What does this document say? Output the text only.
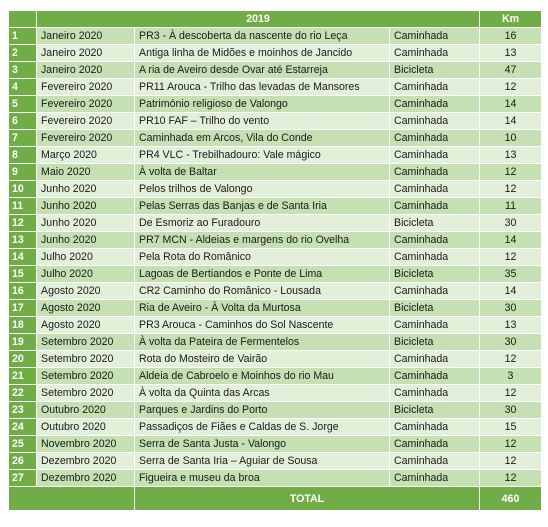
	2019			Km
1	Janeiro 2020	PR3 - À descoberta da nascente do rio Leça	Caminhada	16
2	Janeiro 2020	Antiga linha de Midões e moinhos de Jancido	Caminhada	13
3	Janeiro 2020	A ria de Aveiro desde Ovar até Estarreja	Bicicleta	47
4	Fevereiro 2020	PR11 Arouca - Trilho das levadas de Mansores	Caminhada	12
5	Fevereiro 2020	Património religioso de Valongo	Caminhada	14
6	Fevereiro 2020	PR10 FAF – Trilho do vento	Caminhada	14
7	Fevereiro 2020	Caminhada em Arcos, Vila do Conde	Caminhada	10
8	Março 2020	PR4 VLC - Trebilhadouro: Vale mágico	Caminhada	13
9	Maio 2020	À volta de Baltar	Caminhada	12
10	Junho 2020	Pelos trilhos de Valongo	Caminhada	12
11	Junho 2020	Pelas Serras das Banjas e de Santa Iria	Caminhada	11
12	Junho 2020	De Esmoriz ao Furadouro	Bicicleta	30
13	Junho 2020	PR7 MCN - Aldeias e margens do rio Ovelha	Caminhada	14
14	Julho 2020	Pela Rota do Românico	Caminhada	12
15	Julho 2020	Lagoas de Bertiandos e Ponte de Lima	Bicicleta	35
16	Agosto 2020	CR2 Caminho do Românico - Lousada	Caminhada	14
17	Agosto 2020	Ria de Aveiro - À Volta da Murtosa	Bicicleta	30
18	Agosto 2020	PR3 Arouca - Caminhos do Sol Nascente	Caminhada	13
19	Setembro 2020	À volta da Pateira de Fermentelos	Bicicleta	30
20	Setembro 2020	Rota do Mosteiro de Vairão	Caminhada	12
21	Setembro 2020	Aldeia de Cabroelo e Moinhos do rio Mau	Caminhada	3
22	Setembro 2020	À volta da Quinta das Arcas	Caminhada	12
23	Outubro 2020	Parques e Jardins do Porto	Bicicleta	30
24	Outubro 2020	Passadiços de Fiães e Caldas de S. Jorge	Caminhada	15
25	Novembro 2020	Serra de Santa Justa - Valongo	Caminhada	12
26	Dezembro 2020	Serra de Santa Iria – Aguiar de Sousa	Caminhada	12
27	Dezembro 2020	Figueira e museu da broa	Caminhada	12
		TOTAL		460
